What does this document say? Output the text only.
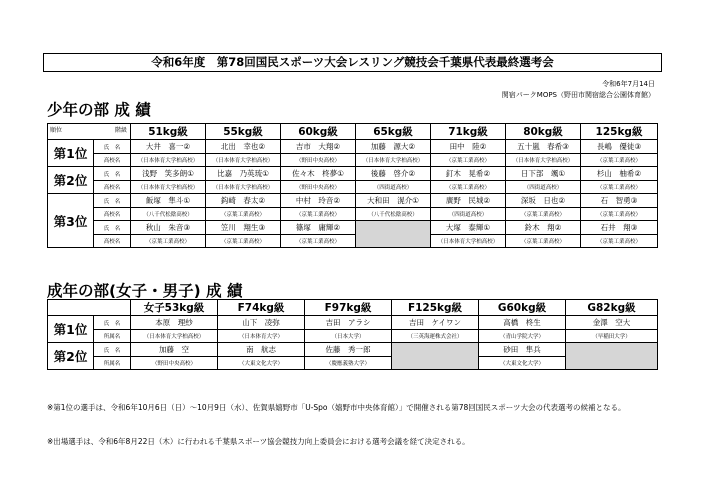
令和6年度　第78回国民スポーツ大会レスリング競技会千葉県代表最終選考会
令和6年7月14日
関宿パークMOPS（野田市関宿総合公園体育館）
少年の部 成 績
順位 階級		51kg級	55kg級	60kg級	65kg級	71kg級	80kg級	125kg級
第1位	氏　名	大井　喜一②	北出　幸也②	吉市　大翔②	加藤　源大②	田中　陸②	五十嵐　春希③	長嶋　優徒③
	高校名	（日本体育大学柏高校）	（日本体育大学柏高校）	（野田中央高校）	（日本体育大学柏高校）	（京葉工業高校）	（日本体育大学柏高校）	（京葉工業高校）
第2位	氏　名	浅野　笑多朗①	比嘉　乃英琉①	佐々木　柊夢①	後藤　啓介②	釘木　晃希②	日下部　颯①	杉山　柚希②
	高校名	（日本体育大学柏高校）	（日本体育大学柏高校）	（野田中央高校）	（四街道高校）	（京葉工業高校）	（四街道高校）	（京葉工業高校）
第3位	氏　名	飯塚　隼斗①	鈎崎　春太②	中村　玲音②	大和田　滉介①	廣野　民城②	深坂　日也②	石　智勇③
	高校名	（八千代松陰高校）	（京葉工業高校）	（京葉工業高校）	（八千代松陰高校）	（四街道高校）	（京葉工業高校）	（京葉工業高校）
	氏　名	秋山　朱音③	笠川　翔生③	篠塚　庸輝②		大塚　泰輝①	鈴木　翔②	石井　翔③
	高校名	（京葉工業高校）	（京葉工業高校）	（京葉工業高校）		（日本体育大学柏高校）	（京葉工業高校）	（京葉工業高校）
成年の部(女子・男子) 成 績
		女子53kg級	F74kg級	F97kg級	F125kg級	G60kg級	G82kg級
第1位	氏　名	本原　理紗	山下　凌弥	吉田　アラシ	吉田　ケイワン	高橋　柊生	金澤　空大
	所属名	（日本体育大学柏高校）	（日本体育大学）	（日本大学）	（三英海運株式会社）	（青山学院大学）	（早稲田大学）
第2位	氏　名	加藤　空	南　航志	佐藤　秀一郎		砂田　隼兵	
	所属名	（野田中央高校）	（大東文化大学）	（慶應義塾大学）		（大東文化大学）	
※第1位の選手は、令和6年10月6日（日）～10月9日（水）、佐賀県嬉野市「U-Spo（嬉野市中央体育館）」で開催される第78回国民スポーツ大会の代表選考の候補となる。
※出場選手は、令和6年8月22日（木）に行われる千葉県スポーツ協会競技力向上委員会における選考会議を経て決定される。
